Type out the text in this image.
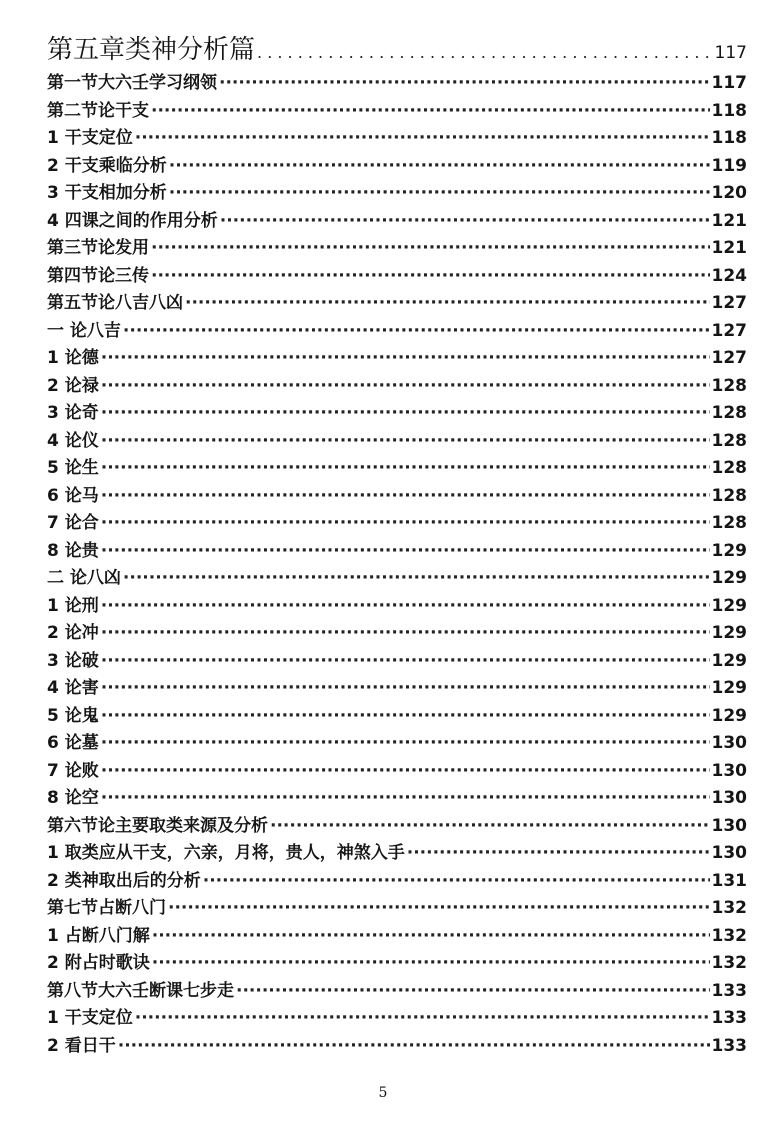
第五章类神分析篇 . . .	117
第一节大六壬学习纲领 ·····	117
第二节论干支 ·····	118
1 干支定位 ·····	118
2 干支乘临分析 ·····	119
3 干支相加分析 ·····	120
4 四课之间的作用分析 ·····	121
第三节论发用 ·····	121
第四节论三传 ·····	124
第五节论八吉八凶 ·····	127
一 论八吉 ·····	127
1 论德 ·····	127
2 论禄 ·····	128
3 论奇 ·····	128
4 论仪 ·····	128
5 论生 ·····	128
6 论马 ·····	128
7 论合 ·····	128
8 论贵 ·····	129
二 论八凶 ·····	129
1 论刑 ·····	129
2 论冲 ·····	129
3 论破 ·····	129
4 论害 ·····	129
5 论鬼 ·····	129
6 论墓 ·····	130
7 论败 ·····	130
8 论空 ·····	130
第六节论主要取类来源及分析 ·····	130
1 取类应从干支，六亲，月将，贵人，神煞入手 ·····	130
2 类神取出后的分析 ·····	131
第七节占断八门 ·····	132
1 占断八门解 ·····	132
2 附占时歌诀 ·····	132
第八节大六壬断课七步走 ·····	133
1 干支定位 ·····	133
2 看日干 ·····	133
5
